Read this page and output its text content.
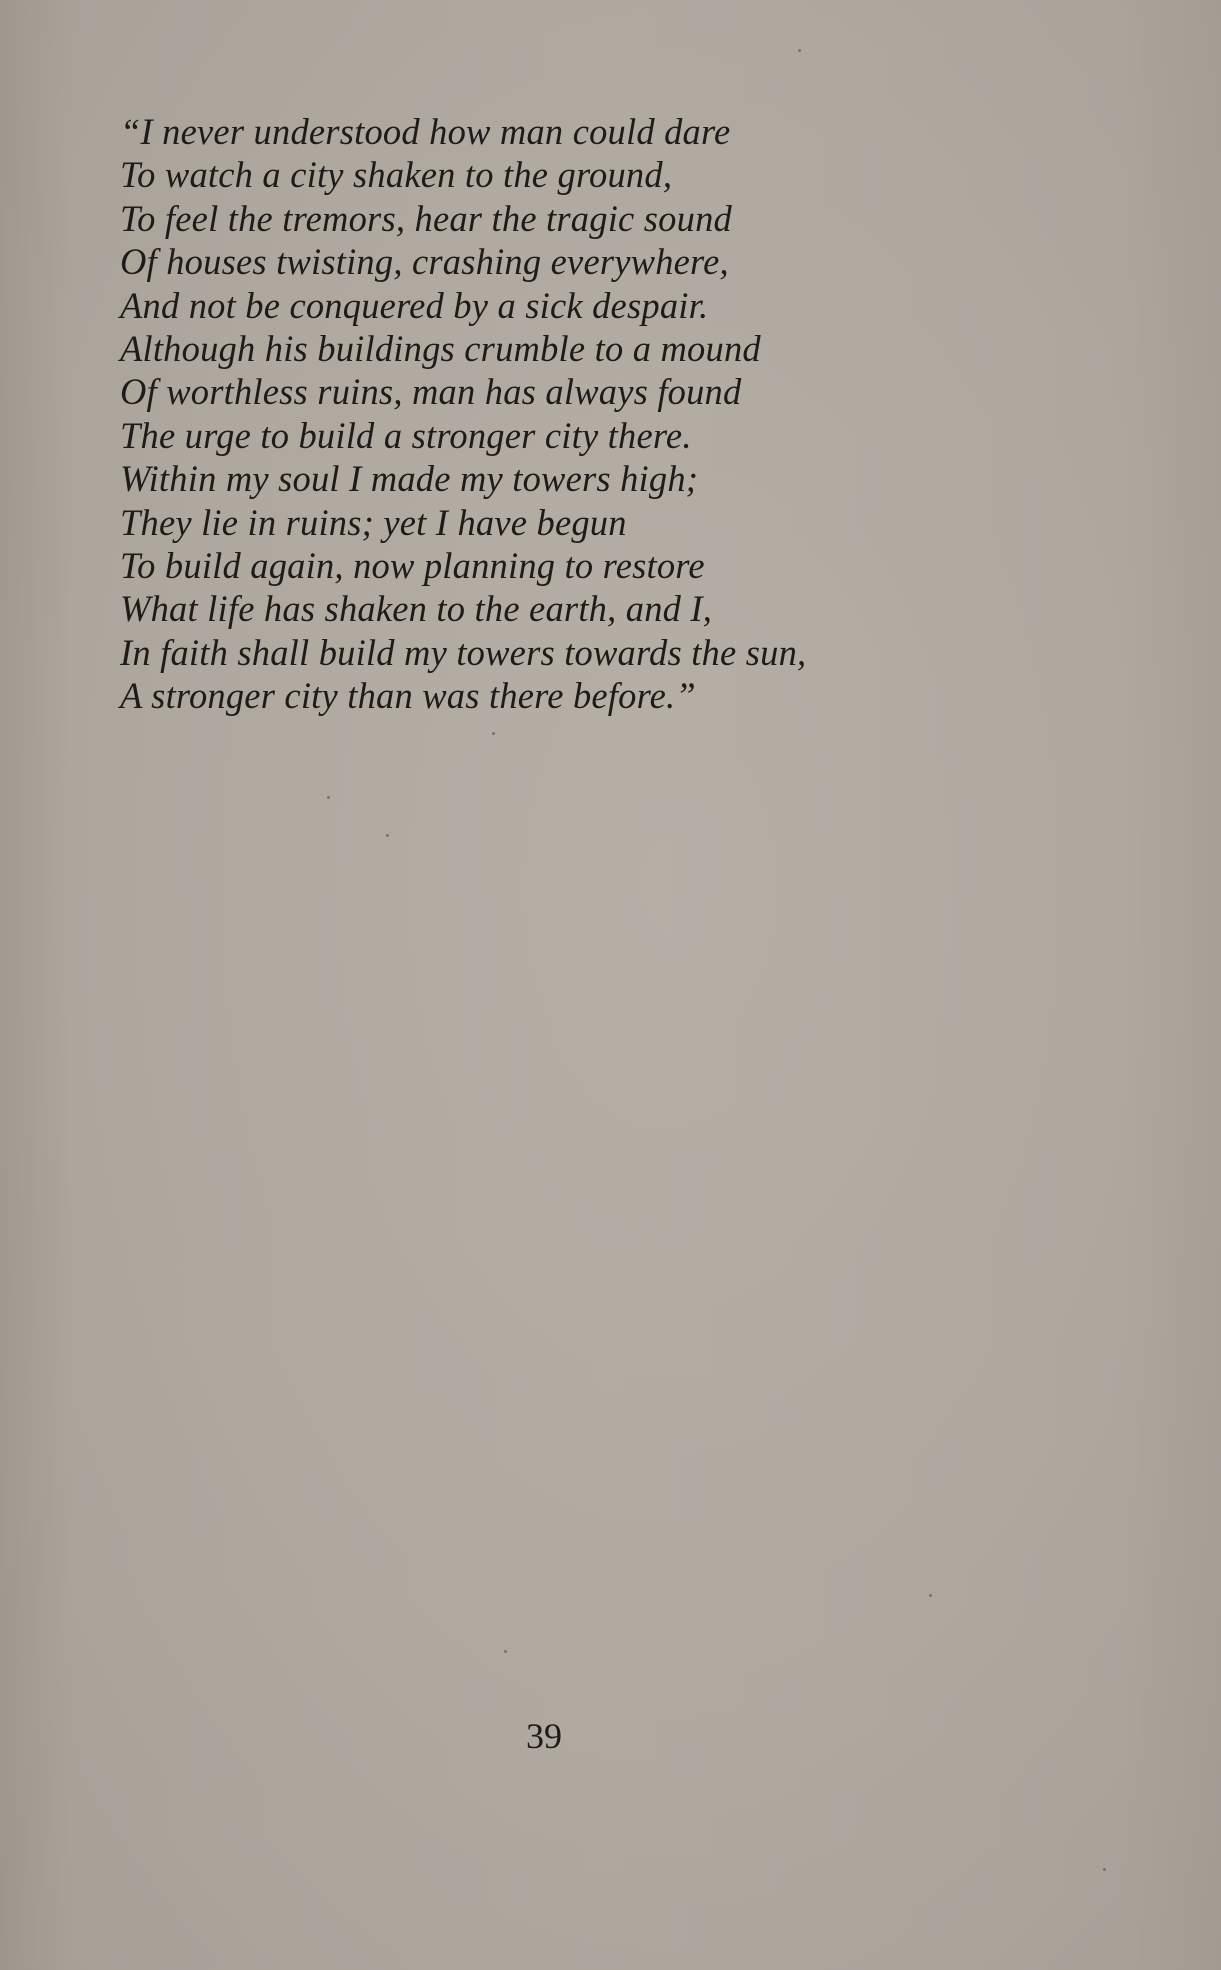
“I never understood how man could dare
To watch a city shaken to the ground,
To feel the tremors, hear the tragic sound
Of houses twisting, crashing everywhere,
And not be conquered by a sick despair.
Although his buildings crumble to a mound
Of worthless ruins, man has always found
The urge to build a stronger city there.
Within my soul I made my towers high;
They lie in ruins; yet I have begun
To build again, now planning to restore
What life has shaken to the earth, and I,
In faith shall build my towers towards the sun,
A stronger city than was there before.”
39
